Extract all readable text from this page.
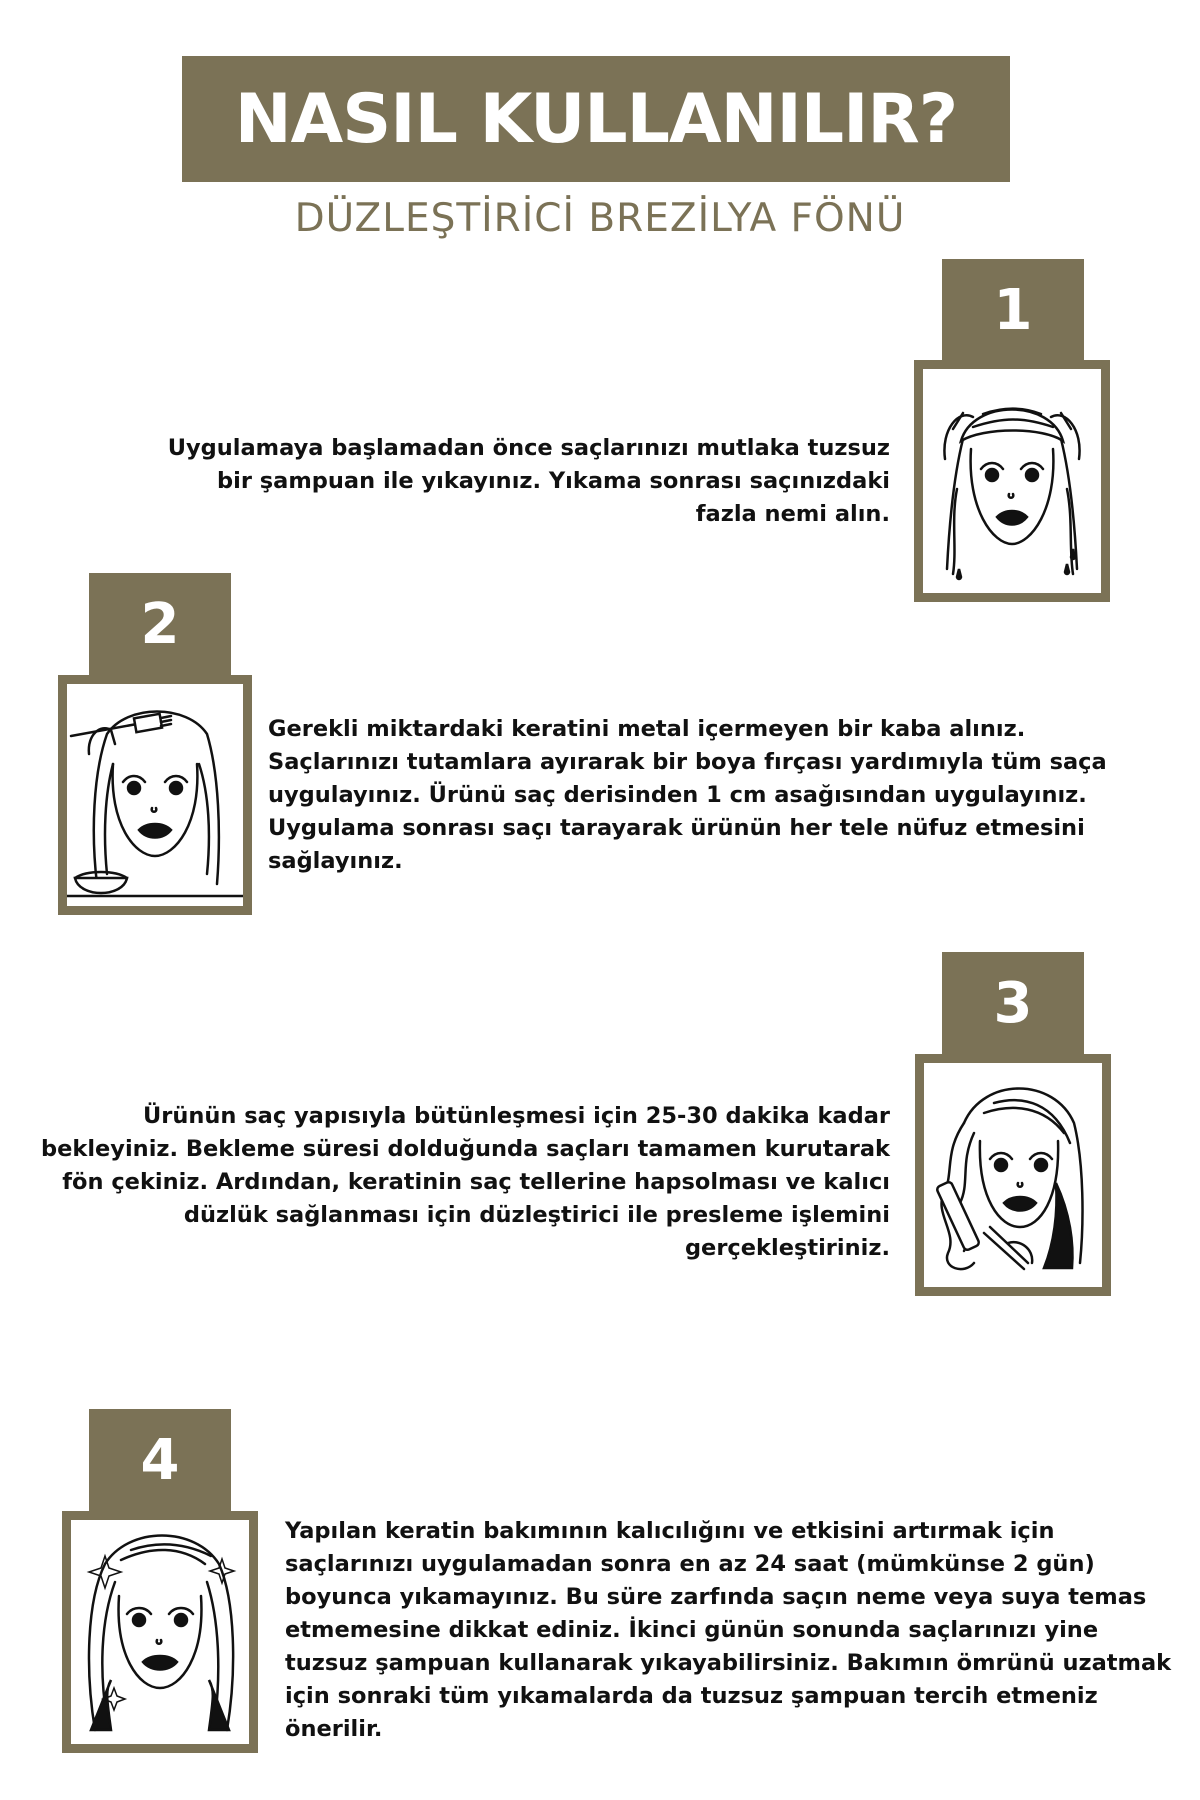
NASIL KULLANILIR?
DÜZLEŞTİRİCİ BREZİLYA FÖNÜ
1
Uygulamaya başlamadan önce saçlarınızı mutlaka tuzsuz bir şampuan ile yıkayınız. Yıkama sonrası saçınızdaki fazla nemi alın.
2
Gerekli miktardaki keratini metal içermeyen bir kaba alınız. Saçlarınızı tutamlara ayırarak bir boya fırçası yardımıyla tüm saça uygulayınız. Ürünü saç derisinden 1 cm asağısından uygulayınız. Uygulama sonrası saçı tarayarak ürünün her tele nüfuz etmesini sağlayınız.
3
Ürünün saç yapısıyla bütünleşmesi için 25-30 dakika kadar bekleyiniz. Bekleme süresi dolduğunda saçları tamamen kurutarak fön çekiniz. Ardından, keratinin saç tellerine hapsolması ve kalıcı düzlük sağlanması için düzleştirici ile presleme işlemini gerçekleştiriniz.
4
Yapılan keratin bakımının kalıcılığını ve etkisini artırmak için saçlarınızı uygulamadan sonra en az 24 saat (mümkünse 2 gün) boyunca yıkamayınız. Bu süre zarfında saçın neme veya suya temas etmemesine dikkat ediniz. İkinci günün sonunda saçlarınızı yine tuzsuz şampuan kullanarak yıkayabilirsiniz. Bakımın ömrünü uzatmak için sonraki tüm yıkamalarda da tuzsuz şampuan tercih etmeniz önerilir.
